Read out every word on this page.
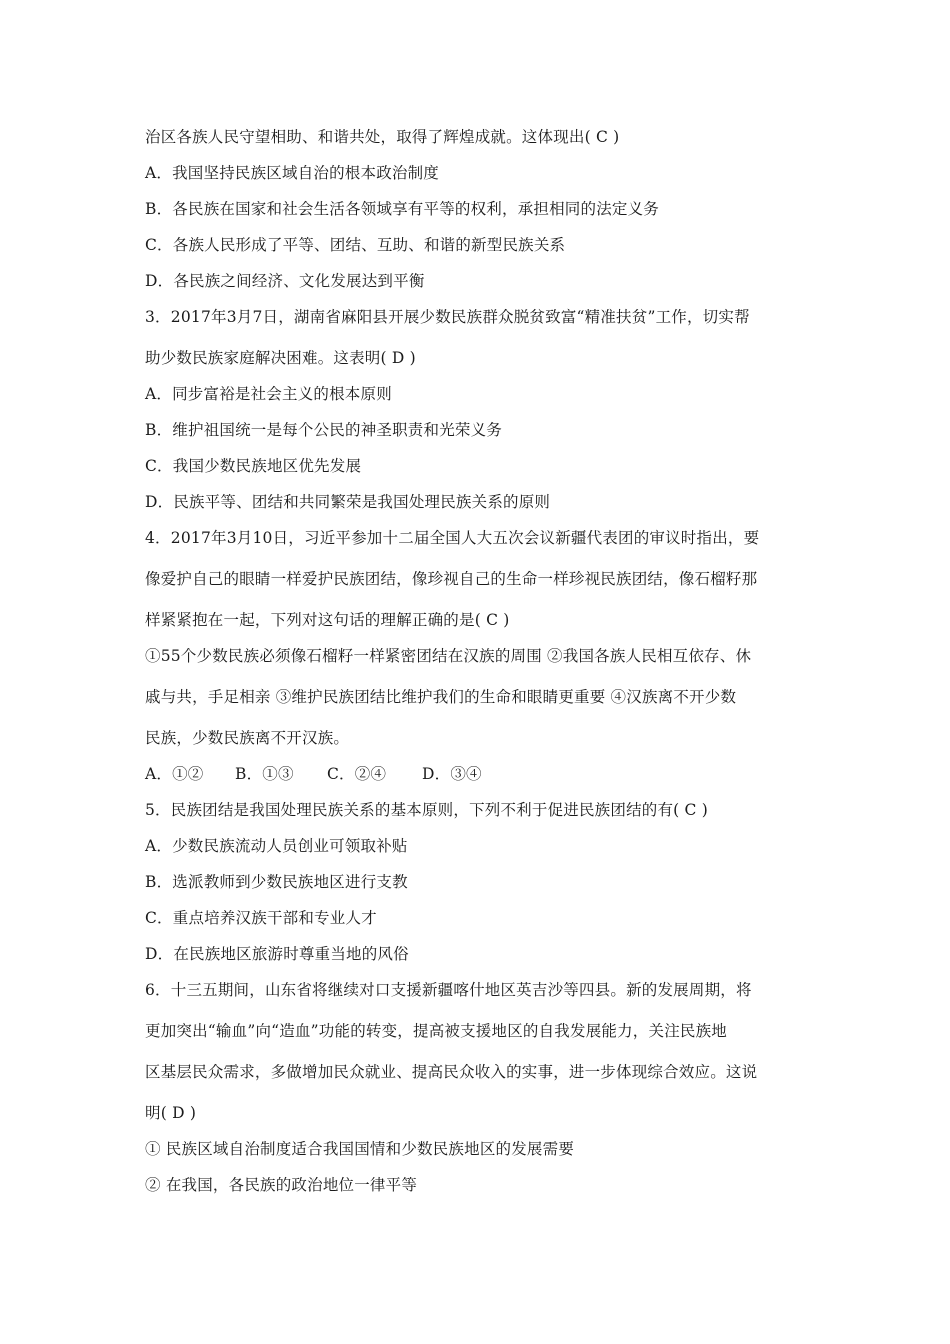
治区各族人民守望相助、和谐共处，取得了辉煌成就。这体现出( C )
A．我国坚持民族区域自治的根本政治制度
B．各民族在国家和社会生活各领域享有平等的权利，承担相同的法定义务
C．各族人民形成了平等、团结、互助、和谐的新型民族关系
D．各民族之间经济、文化发展达到平衡
3．2017年3月7日，湖南省麻阳县开展少数民族群众脱贫致富“精准扶贫”工作，切实帮
助少数民族家庭解决困难。这表明( D )
A．同步富裕是社会主义的根本原则
B．维护祖国统一是每个公民的神圣职责和光荣义务
C．我国少数民族地区优先发展
D．民族平等、团结和共同繁荣是我国处理民族关系的原则
4．2017年3月10日，习近平参加十二届全国人大五次会议新疆代表团的审议时指出，要
像爱护自己的眼睛一样爱护民族团结，像珍视自己的生命一样珍视民族团结，像石榴籽那
样紧紧抱在一起，下列对这句话的理解正确的是( C )
①55个少数民族必须像石榴籽一样紧密团结在汉族的周围 ②我国各族人民相互依存、休
戚与共，手足相亲 ③维护民族团结比维护我们的生命和眼睛更重要 ④汉族离不开少数
民族，少数民族离不开汉族。
A．①② B．①③ C．②④ D．③④
5．民族团结是我国处理民族关系的基本原则，下列不利于促进民族团结的有( C )
A．少数民族流动人员创业可领取补贴
B．选派教师到少数民族地区进行支教
C．重点培养汉族干部和专业人才
D．在民族地区旅游时尊重当地的风俗
6．十三五期间，山东省将继续对口支援新疆喀什地区英吉沙等四县。新的发展周期，将
更加突出“输血”向“造血”功能的转变，提高被支援地区的自我发展能力，关注民族地
区基层民众需求，多做增加民众就业、提高民众收入的实事，进一步体现综合效应。这说
明( D )
① 民族区域自治制度适合我国国情和少数民族地区的发展需要
② 在我国，各民族的政治地位一律平等
